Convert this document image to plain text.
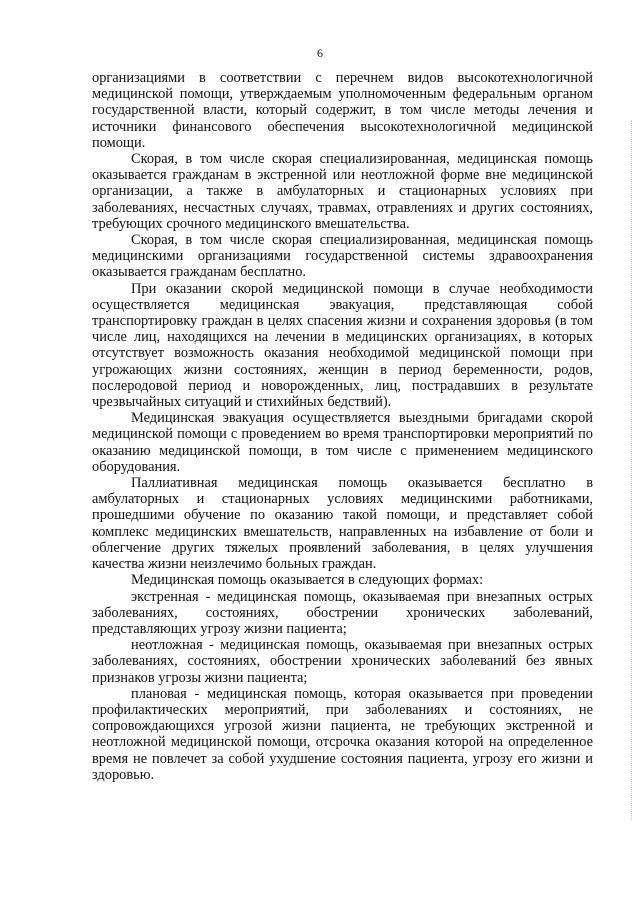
6

организациями в соответствии с перечнем видов высокотехнологичной медицинской помощи, утверждаемым уполномоченным федеральным органом государственной власти, который содержит, в том числе методы лечения и источники финансового обеспечения высокотехнологичной медицинской помощи.

Скорая, в том числе скорая специализированная, медицинская помощь оказывается гражданам в экстренной или неотложной форме вне медицинской организации, а также в амбулаторных и стационарных условиях при заболеваниях, несчастных случаях, травмах, отравлениях и других состояниях, требующих срочного медицинского вмешательства.

Скорая, в том числе скорая специализированная, медицинская помощь медицинскими организациями государственной системы здравоохранения оказывается гражданам бесплатно.

При оказании скорой медицинской помощи в случае необходимости осуществляется медицинская эвакуация, представляющая собой транспортировку граждан в целях спасения жизни и сохранения здоровья (в том числе лиц, находящихся на лечении в медицинских организациях, в которых отсутствует возможность оказания необходимой медицинской помощи при угрожающих жизни состояниях, женщин в период беременности, родов, послеродовой период и новорожденных, лиц, пострадавших в результате чрезвычайных ситуаций и стихийных бедствий).

Медицинская эвакуация осуществляется выездными бригадами скорой медицинской помощи с проведением во время транспортировки мероприятий по оказанию медицинской помощи, в том числе с применением медицинского оборудования.

Паллиативная медицинская помощь оказывается бесплатно в амбулаторных и стационарных условиях медицинскими работниками, прошедшими обучение по оказанию такой помощи, и представляет собой комплекс медицинских вмешательств, направленных на избавление от боли и облегчение других тяжелых проявлений заболевания, в целях улучшения качества жизни неизлечимо больных граждан.

Медицинская помощь оказывается в следующих формах:

экстренная - медицинская помощь, оказываемая при внезапных острых заболеваниях, состояниях, обострении хронических заболеваний, представляющих угрозу жизни пациента;

неотложная - медицинская помощь, оказываемая при внезапных острых заболеваниях, состояниях, обострении хронических заболеваний без явных признаков угрозы жизни пациента;

плановая - медицинская помощь, которая оказывается при проведении профилактических мероприятий, при заболеваниях и состояниях, не сопровождающихся угрозой жизни пациента, не требующих экстренной и неотложной медицинской помощи, отсрочка оказания которой на определенное время не повлечет за собой ухудшение состояния пациента, угрозу его жизни и здоровью.
